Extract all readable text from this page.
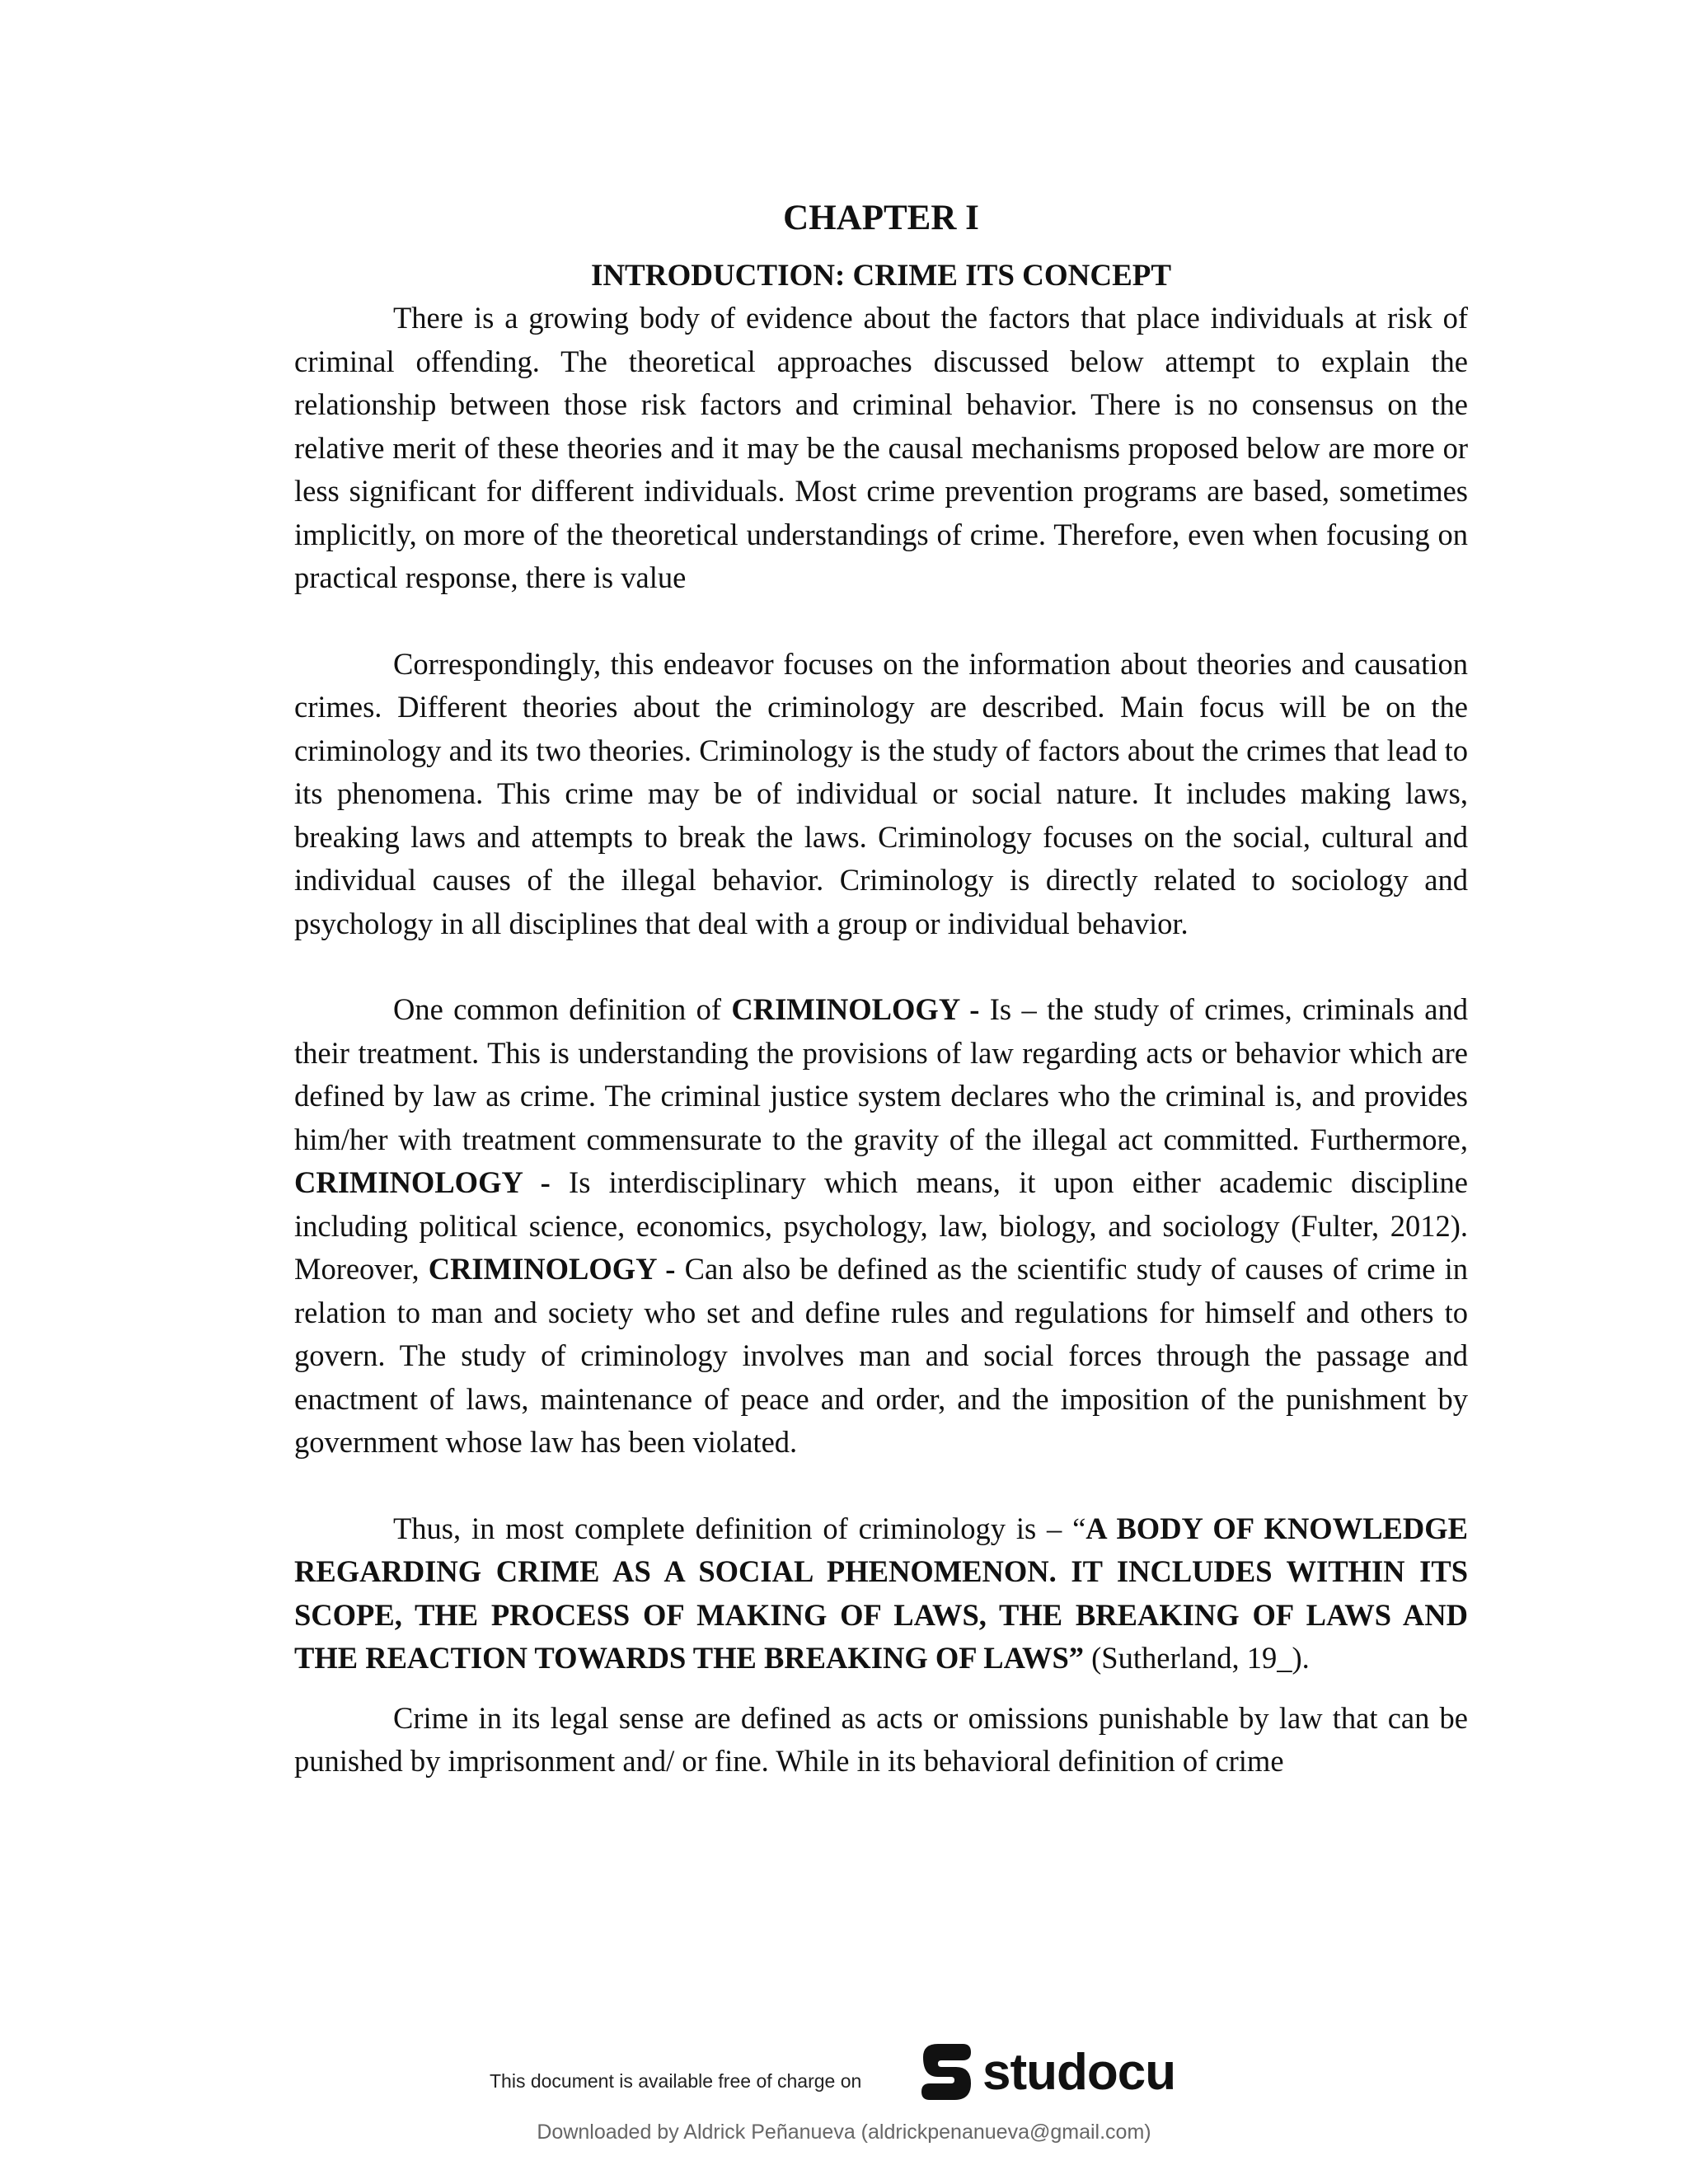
CHAPTER I
INTRODUCTION: CRIME ITS CONCEPT

There is a growing body of evidence about the factors that place individuals at risk of criminal offending. The theoretical approaches discussed below attempt to explain the relationship between those risk factors and criminal behavior. There is no consensus on the relative merit of these theories and it may be the causal mechanisms proposed below are more or less significant for different individuals. Most crime prevention programs are based, sometimes implicitly, on more of the theoretical understandings of crime. Therefore, even when focusing on practical response, there is value

Correspondingly, this endeavor focuses on the information about theories and causation crimes. Different theories about the criminology are described. Main focus will be on the criminology and its two theories. Criminology is the study of factors about the crimes that lead to its phenomena. This crime may be of individual or social nature. It includes making laws, breaking laws and attempts to break the laws. Criminology focuses on the social, cultural and individual causes of the illegal behavior. Criminology is directly related to sociology and psychology in all disciplines that deal with a group or individual behavior.

One common definition of CRIMINOLOGY - Is – the study of crimes, criminals and their treatment. This is understanding the provisions of law regarding acts or behavior which are defined by law as crime. The criminal justice system declares who the criminal is, and provides him/her with treatment commensurate to the gravity of the illegal act committed. Furthermore, CRIMINOLOGY - Is interdisciplinary which means, it upon either academic discipline including political science, economics, psychology, law, biology, and sociology (Fulter, 2012). Moreover, CRIMINOLOGY - Can also be defined as the scientific study of causes of crime in relation to man and society who set and define rules and regulations for himself and others to govern. The study of criminology involves man and social forces through the passage and enactment of laws, maintenance of peace and order, and the imposition of the punishment by government whose law has been violated.

Thus, in most complete definition of criminology is – “A BODY OF KNOWLEDGE REGARDING CRIME AS A SOCIAL PHENOMENON. IT INCLUDES WITHIN ITS SCOPE, THE PROCESS OF MAKING OF LAWS, THE BREAKING OF LAWS AND THE REACTION TOWARDS THE BREAKING OF LAWS” (Sutherland, 19_).

Crime in its legal sense are defined as acts or omissions punishable by law that can be punished by imprisonment and/ or fine. While in its behavioral definition of crime

This document is available free of charge on studocu
Downloaded by Aldrick Peñanueva (aldrickpenanueva@gmail.com)
